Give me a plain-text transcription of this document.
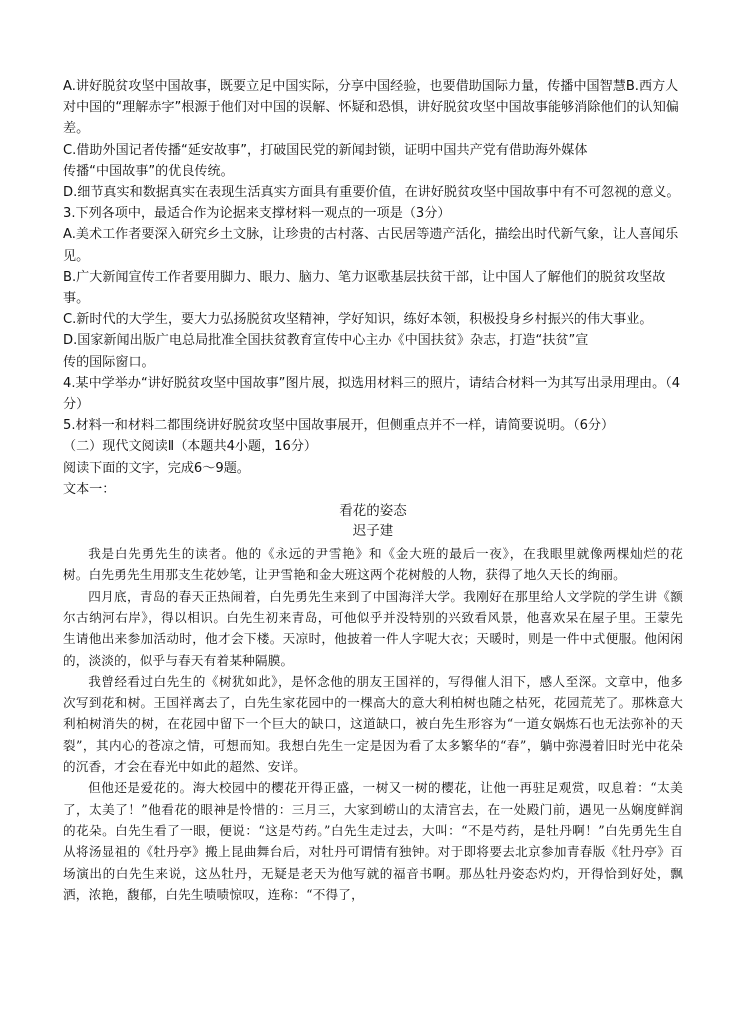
A.讲好脱贫攻坚中国故事，既要立足中国实际，分享中国经验，也要借助国际力量，传播中国智慧B.西方人对中国的“理解赤字”根源于他们对中国的误解、怀疑和恐惧，讲好脱贫攻坚中国故事能够消除他们的认知偏差。

C.借助外国记者传播“延安故事”，打破国民党的新闻封锁，证明中国共产党有借助海外媒体

传播“中国故事”的优良传统。

D.细节真实和数据真实在表现生活真实方面具有重要价值，在讲好脱贫攻坚中国故事中有不可忽视的意义。

3.下列各项中，最适合作为论据来支撑材料一观点的一项是（3分）

A.美术工作者要深入研究乡土文脉，让珍贵的古村落、古民居等遗产活化，描绘出时代新气象，让人喜闻乐见。

B.广大新闻宣传工作者要用脚力、眼力、脑力、笔力讴歌基层扶贫干部，让中国人了解他们的脱贫攻坚故事。

C.新时代的大学生，要大力弘扬脱贫攻坚精神，学好知识，练好本领，积极投身乡村振兴的伟大事业。

D.国家新闻出版广电总局批准全国扶贫教育宣传中心主办《中国扶贫》杂志，打造“扶贫”宣

传的国际窗口。

4.某中学举办“讲好脱贫攻坚中国故事”图片展，拟选用材料三的照片，请结合材料一为其写出录用理由。（4分）

5.材料一和材料二都围绕讲好脱贫攻坚中国故事展开，但侧重点并不一样，请简要说明。（6分）

（二）现代文阅读Ⅱ（本题共4小题，16分）

阅读下面的文字，完成6～9题。

文本一：

看花的姿态

迟子建

我是白先勇先生的读者。他的《永远的尹雪艳》和《金大班的最后一夜》，在我眼里就像两棵灿烂的花树。白先勇先生用那支生花妙笔，让尹雪艳和金大班这两个花树般的人物，获得了地久天长的绚丽。

四月底，青岛的春天正热闹着，白先勇先生来到了中国海洋大学。我刚好在那里给人文学院的学生讲《额尔古纳河右岸》，得以相识。白先生初来青岛，可他似乎并没特别的兴致看风景，他喜欢呆在屋子里。王蒙先生请他出来参加活动时，他才会下楼。天凉时，他披着一件人字呢大衣；天暖时，则是一件中式便服。他闲闲的，淡淡的，似乎与春天有着某种隔膜。

我曾经看过白先生的《树犹如此》，是怀念他的朋友王国祥的，写得催人泪下，感人至深。文章中，他多次写到花和树。王国祥离去了，白先生家花园中的一棵高大的意大利柏树也随之枯死，花园荒芜了。那株意大利柏树消失的树，在花园中留下一个巨大的缺口，这道缺口，被白先生形容为“一道女娲炼石也无法弥补的天裂”，其内心的苍凉之情，可想而知。我想白先生一定是因为看了太多繁华的“春”，躺中弥漫着旧时光中花朵的沉香，才会在春光中如此的超然、安详。

但他还是爱花的。海大校园中的樱花开得正盛，一树又一树的樱花，让他一再驻足观赏，叹息着：“太美了，太美了！”他看花的眼神是怜惜的：三月三，大家到崂山的太清宫去，在一处殿门前，遇见一丛娴度鲜润的花朵。白先生看了一眼，便说：“这是芍药。”白先生走过去，大叫：“不是芍药，是牡丹啊！”白先勇先生自从将汤显祖的《牡丹亭》搬上昆曲舞台后，对牡丹可谓情有独钟。对于即将要去北京参加青春版《牡丹亭》百场演出的白先生来说，这丛牡丹，无疑是老天为他写就的福音书啊。那丛牡丹姿态灼灼，开得恰到好处，飘洒，浓艳，馥郁，白先生啧啧惊叹，连称：“不得了，
